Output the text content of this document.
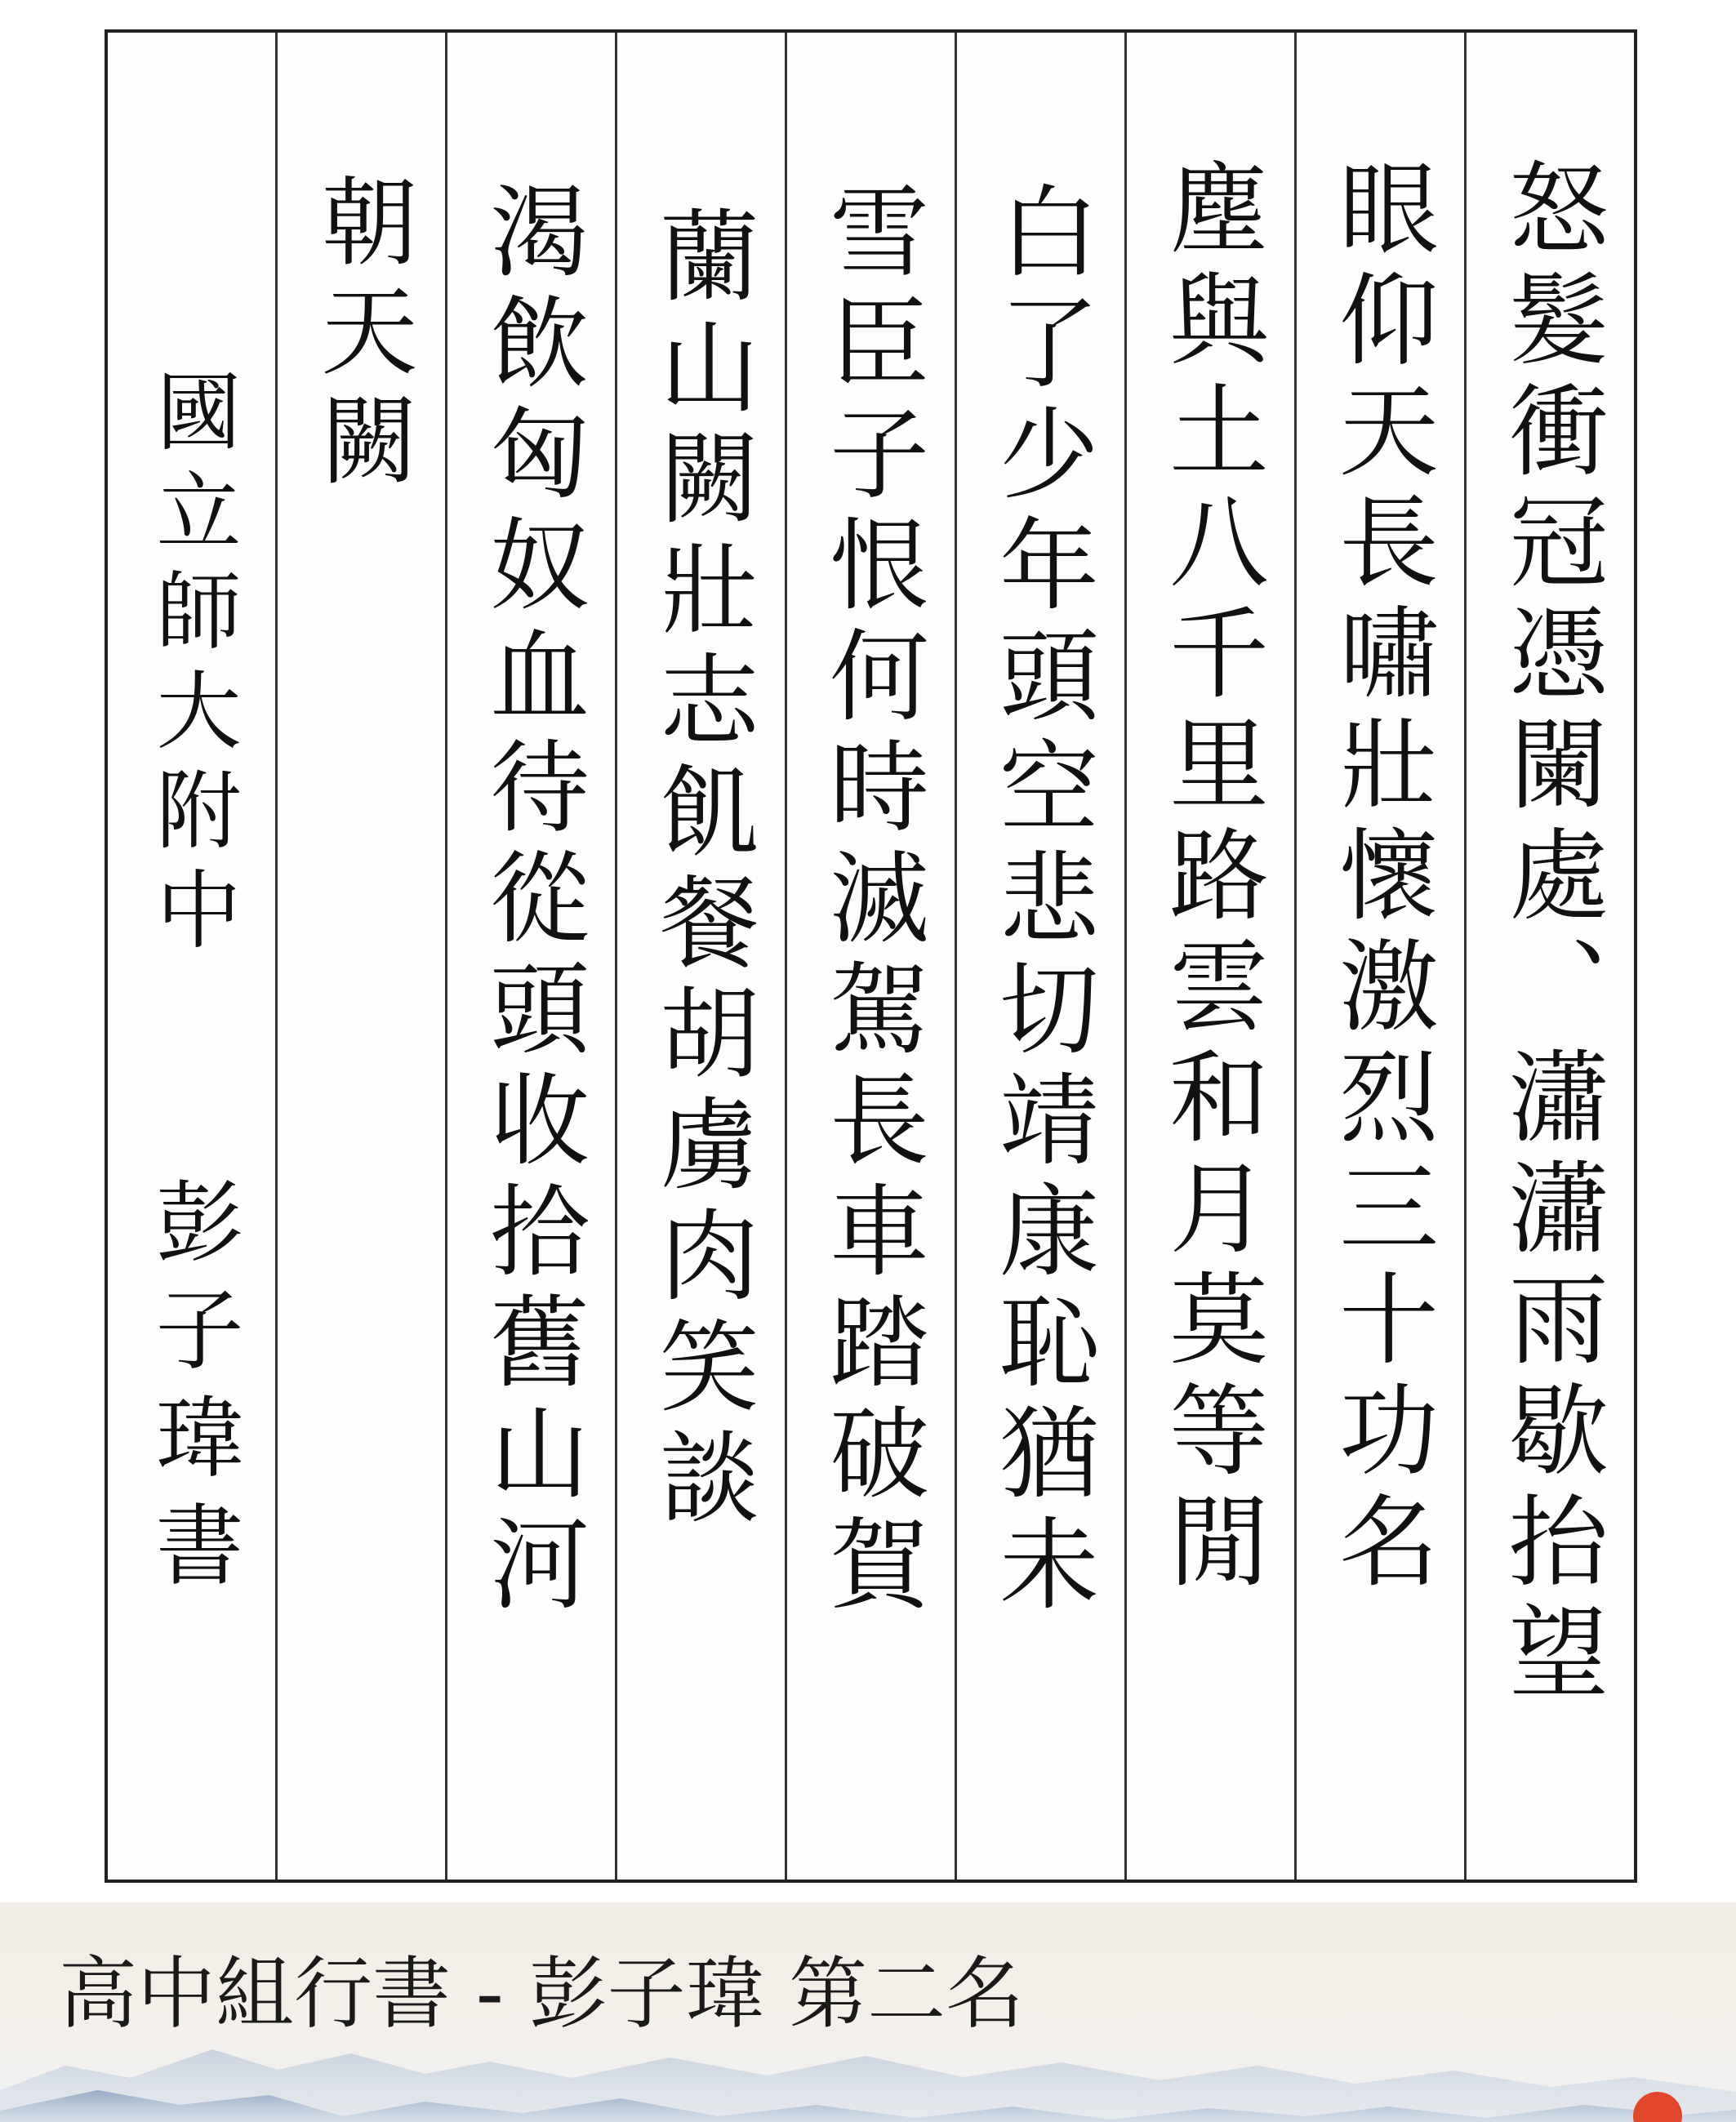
怒髮衝冠憑闌處、瀟瀟雨歇抬望
眼仰天長嘯壯懷激烈三十功名
塵與土八千里路雲和月莫等閒
白了少年頭空悲切靖康恥猶未
雪臣子恨何時滅駕長車踏破賀
蘭山闕壯志飢餐胡虜肉笑談
渴飲匈奴血待從頭收拾舊山河
朝天闕
國立師大附中
彭子瑋書
高中組行書 - 彭子瑋 第二名
